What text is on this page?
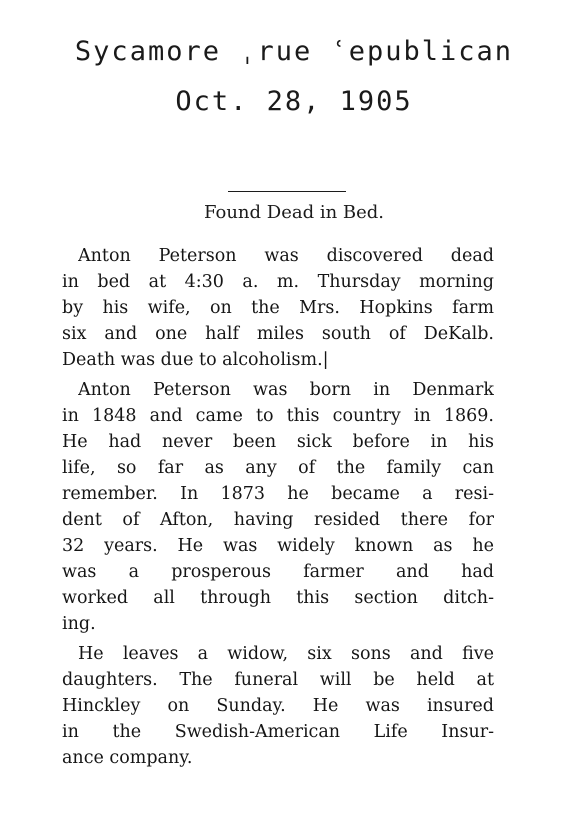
Sycamore ˌrue ʿepublican
Oct. 28, 1905
Found Dead in Bed.
Anton Peterson was discovered dead
in bed at 4:30 a. m. Thursday morning
by his wife, on the Mrs. Hopkins farm
six and one half miles south of DeKalb.
Death was due to alcoholism.|
Anton Peterson was born in Denmark
in 1848 and came to this country in 1869.
He had never been sick before in his
life, so far as any of the family can
remember. In 1873 he became a resi-
dent of Afton, having resided there for
32 years. He was widely known as he
was a prosperous farmer and had
worked all through this section ditch-
ing.
He leaves a widow, six sons and five
daughters. The funeral will be held at
Hinckley on Sunday. He was insured
in the Swedish-American Life Insur-
ance company.
